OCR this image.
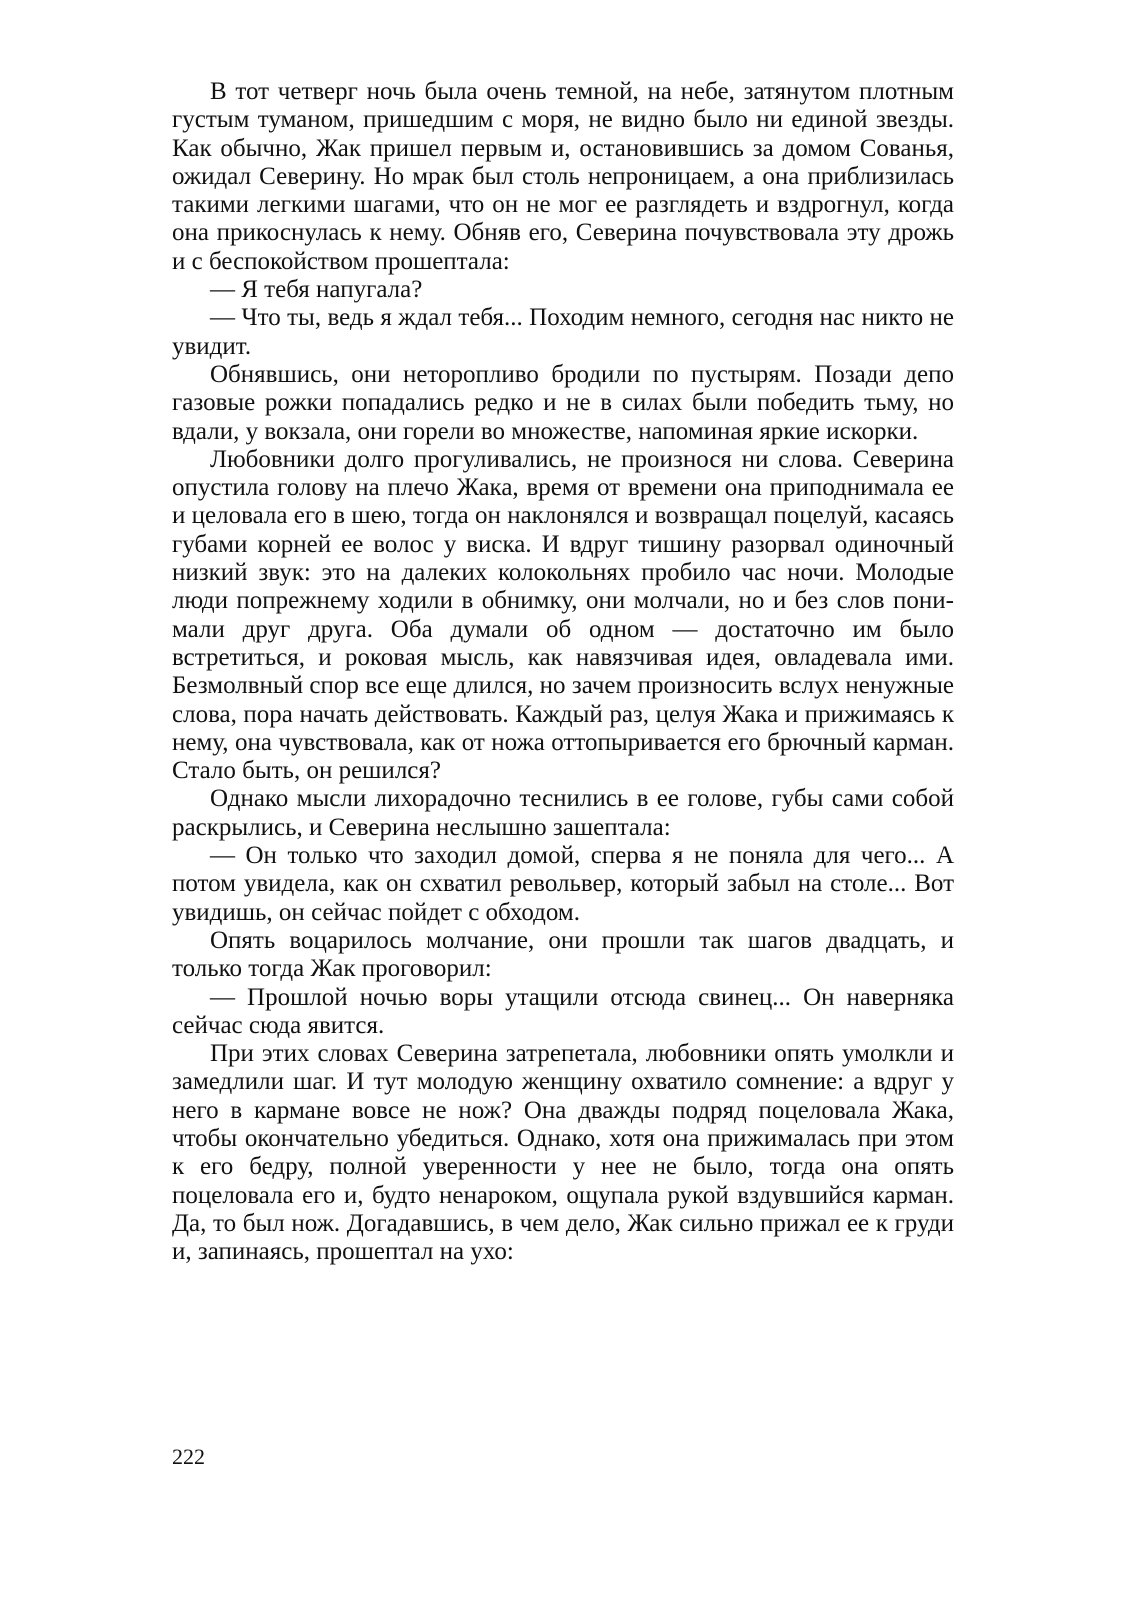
В тот четверг ночь была очень темной, на небе, затянутом плотным густым туманом, пришедшим с моря, не видно было ни единой звезды. Как обычно, Жак пришел первым и, остановившись за домом Сованья, ожидал Северину. Но мрак был столь непроницаем, а она приблизилась такими легкими шагами, что он не мог ее разглядеть и вздрогнул, когда она прикоснулась к нему. Обняв его, Северина почувствовала эту дрожь и с беспокойством прошептала:

— Я тебя напугала?

— Что ты, ведь я ждал тебя... Походим немного, сегодня нас никто не увидит.

Обнявшись, они неторопливо бродили по пустырям. Позади депо газовые рожки попадались редко и не в силах были победить тьму, но вдали, у вокзала, они горели во множестве, напоминая яркие искорки.

Любовники долго прогуливались, не произнося ни слова. Северина опустила голову на плечо Жака, время от времени она приподнимала ее и целовала его в шею, тогда он наклонялся и возвращал поцелуй, касаясь губами корней ее волос у виска. И вдруг тишину разорвал одиночный низкий звук: это на далеких колокольнях пробило час ночи. Молодые люди попрежнему ходили в обнимку, они молчали, но и без слов понимали друг друга. Оба думали об одном — достаточно им было встретиться, и роковая мысль, как навязчивая идея, овладевала ими. Безмолвный спор все еще длился, но зачем произносить вслух ненужные слова, пора начать действовать. Каждый раз, целуя Жака и прижимаясь к нему, она чувствовала, как от ножа оттопыривается его брючный карман. Стало быть, он решился?

Однако мысли лихорадочно теснились в ее голове, губы сами собой раскрылись, и Северина неслышно зашептала:

— Он только что заходил домой, сперва я не поняла для чего... А потом увидела, как он схватил револьвер, который забыл на столе... Вот увидишь, он сейчас пойдет с обходом.

Опять воцарилось молчание, они прошли так шагов двадцать, и только тогда Жак проговорил:

— Прошлой ночью воры утащили отсюда свинец... Он наверняка сейчас сюда явится.

При этих словах Северина затрепетала, любовники опять умолкли и замедлили шаг. И тут молодую женщину охватило сомнение: а вдруг у него в кармане вовсе не нож? Она дважды подряд поцеловала Жака, чтобы окончательно убедиться. Однако, хотя она прижималась при этом к его бедру, полной уверенности у нее не было, тогда она опять поцеловала его и, будто ненароком, ощупала рукой вздувшийся карман. Да, то был нож. Догадавшись, в чем дело, Жак сильно прижал ее к груди и, запинаясь, прошептал на ухо:

222
